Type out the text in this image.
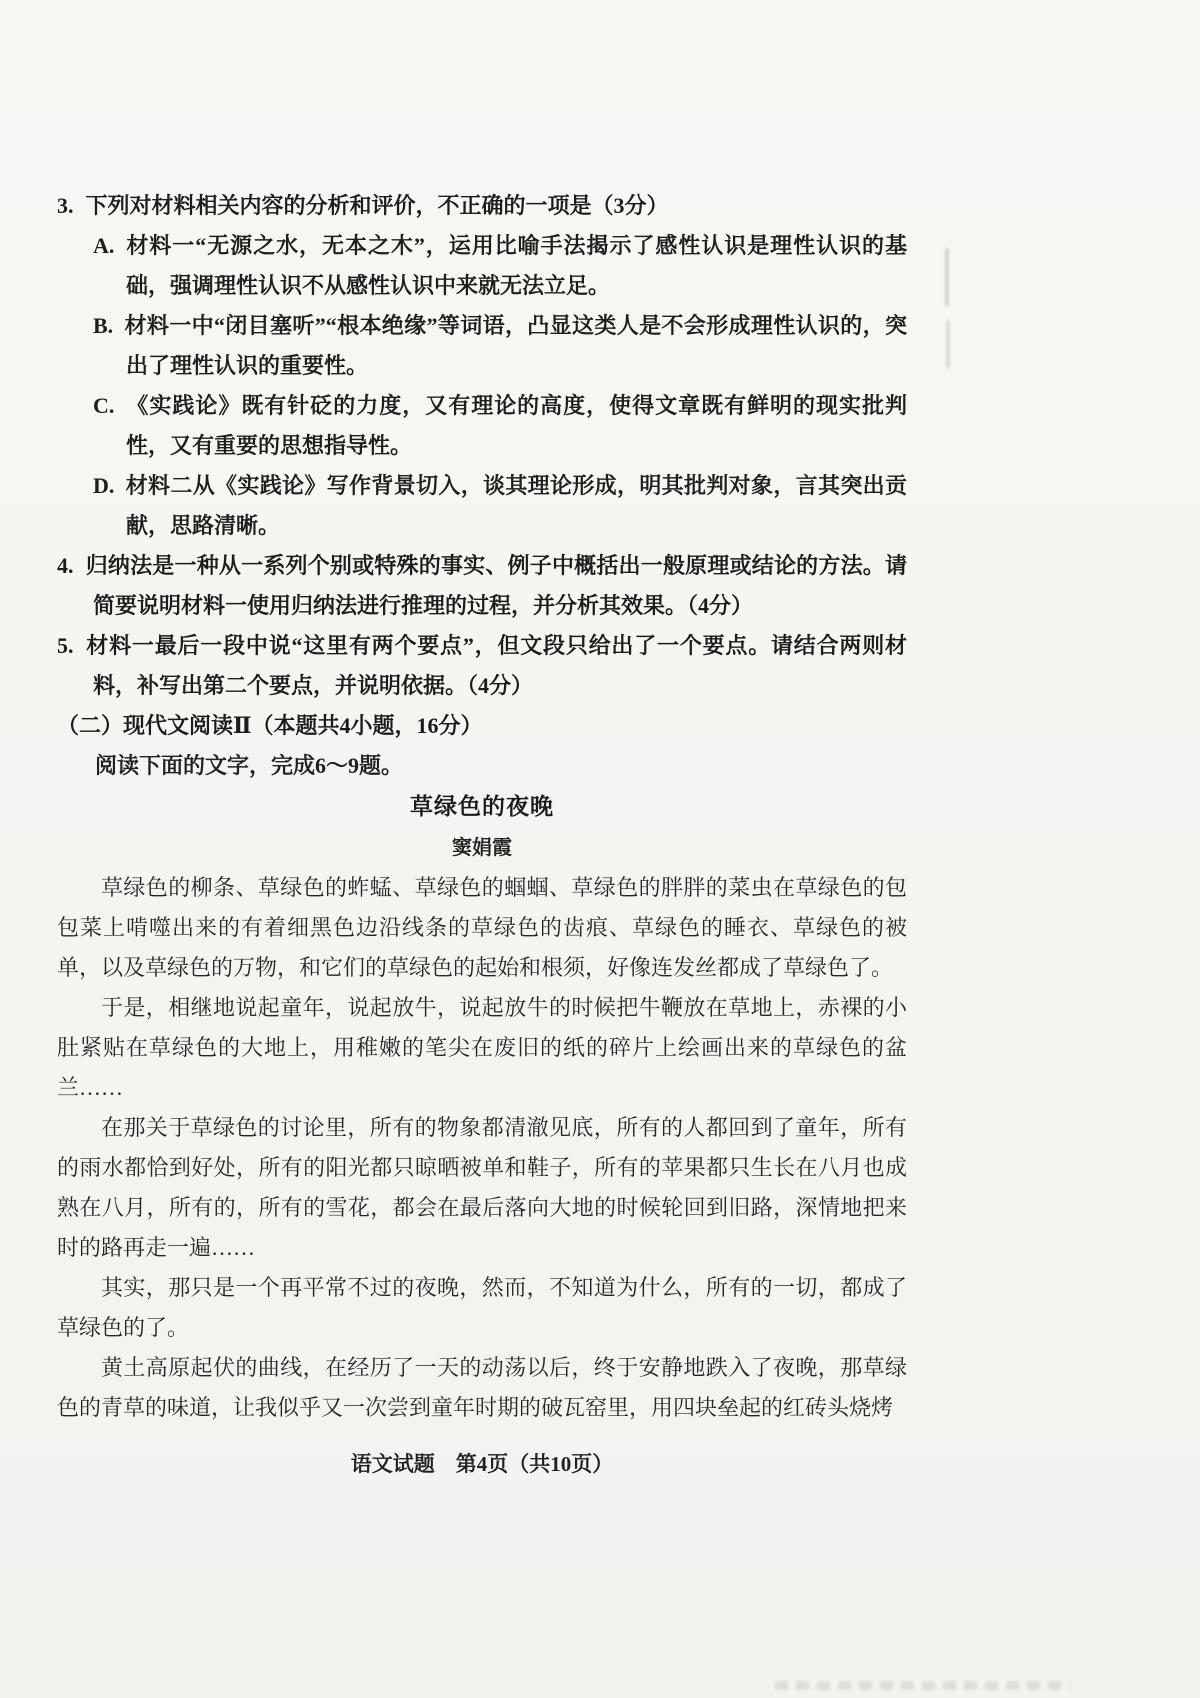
3. 下列对材料相关内容的分析和评价，不正确的一项是（3分）

A. 材料一“无源之水，无本之木”，运用比喻手法揭示了感性认识是理性认识的基础，强调理性认识不从感性认识中来就无法立足。

B. 材料一中“闭目塞听”“根本绝缘”等词语，凸显这类人是不会形成理性认识的，突出了理性认识的重要性。

C. 《实践论》既有针砭的力度，又有理论的高度，使得文章既有鲜明的现实批判性，又有重要的思想指导性。

D. 材料二从《实践论》写作背景切入，谈其理论形成，明其批判对象，言其突出贡献，思路清晰。

4. 归纳法是一种从一系列个别或特殊的事实、例子中概括出一般原理或结论的方法。请简要说明材料一使用归纳法进行推理的过程，并分析其效果。（4分）

5. 材料一最后一段中说“这里有两个要点”，但文段只给出了一个要点。请结合两则材料，补写出第二个要点，并说明依据。（4分）

（二）现代文阅读Ⅱ（本题共4小题，16分）

阅读下面的文字，完成6～9题。

草绿色的夜晚

窦娟霞

草绿色的柳条、草绿色的蚱蜢、草绿色的蝈蝈、草绿色的胖胖的菜虫在草绿色的包包菜上啃噬出来的有着细黑色边沿线条的草绿色的齿痕、草绿色的睡衣、草绿色的被单，以及草绿色的万物，和它们的草绿色的起始和根须，好像连发丝都成了草绿色了。

于是，相继地说起童年，说起放牛，说起放牛的时候把牛鞭放在草地上，赤裸的小肚紧贴在草绿色的大地上，用稚嫩的笔尖在废旧的纸的碎片上绘画出来的草绿色的盆兰……

在那关于草绿色的讨论里，所有的物象都清澈见底，所有的人都回到了童年，所有的雨水都恰到好处，所有的阳光都只晾晒被单和鞋子，所有的苹果都只生长在八月也成熟在八月，所有的，所有的雪花，都会在最后落向大地的时候轮回到旧路，深情地把来时的路再走一遍……

其实，那只是一个再平常不过的夜晚，然而，不知道为什么，所有的一切，都成了草绿色的了。

黄土高原起伏的曲线，在经历了一天的动荡以后，终于安静地跌入了夜晚，那草绿色的青草的味道，让我似乎又一次尝到童年时期的破瓦窑里，用四块垒起的红砖头烧烤

语文试题　第4页（共10页）
